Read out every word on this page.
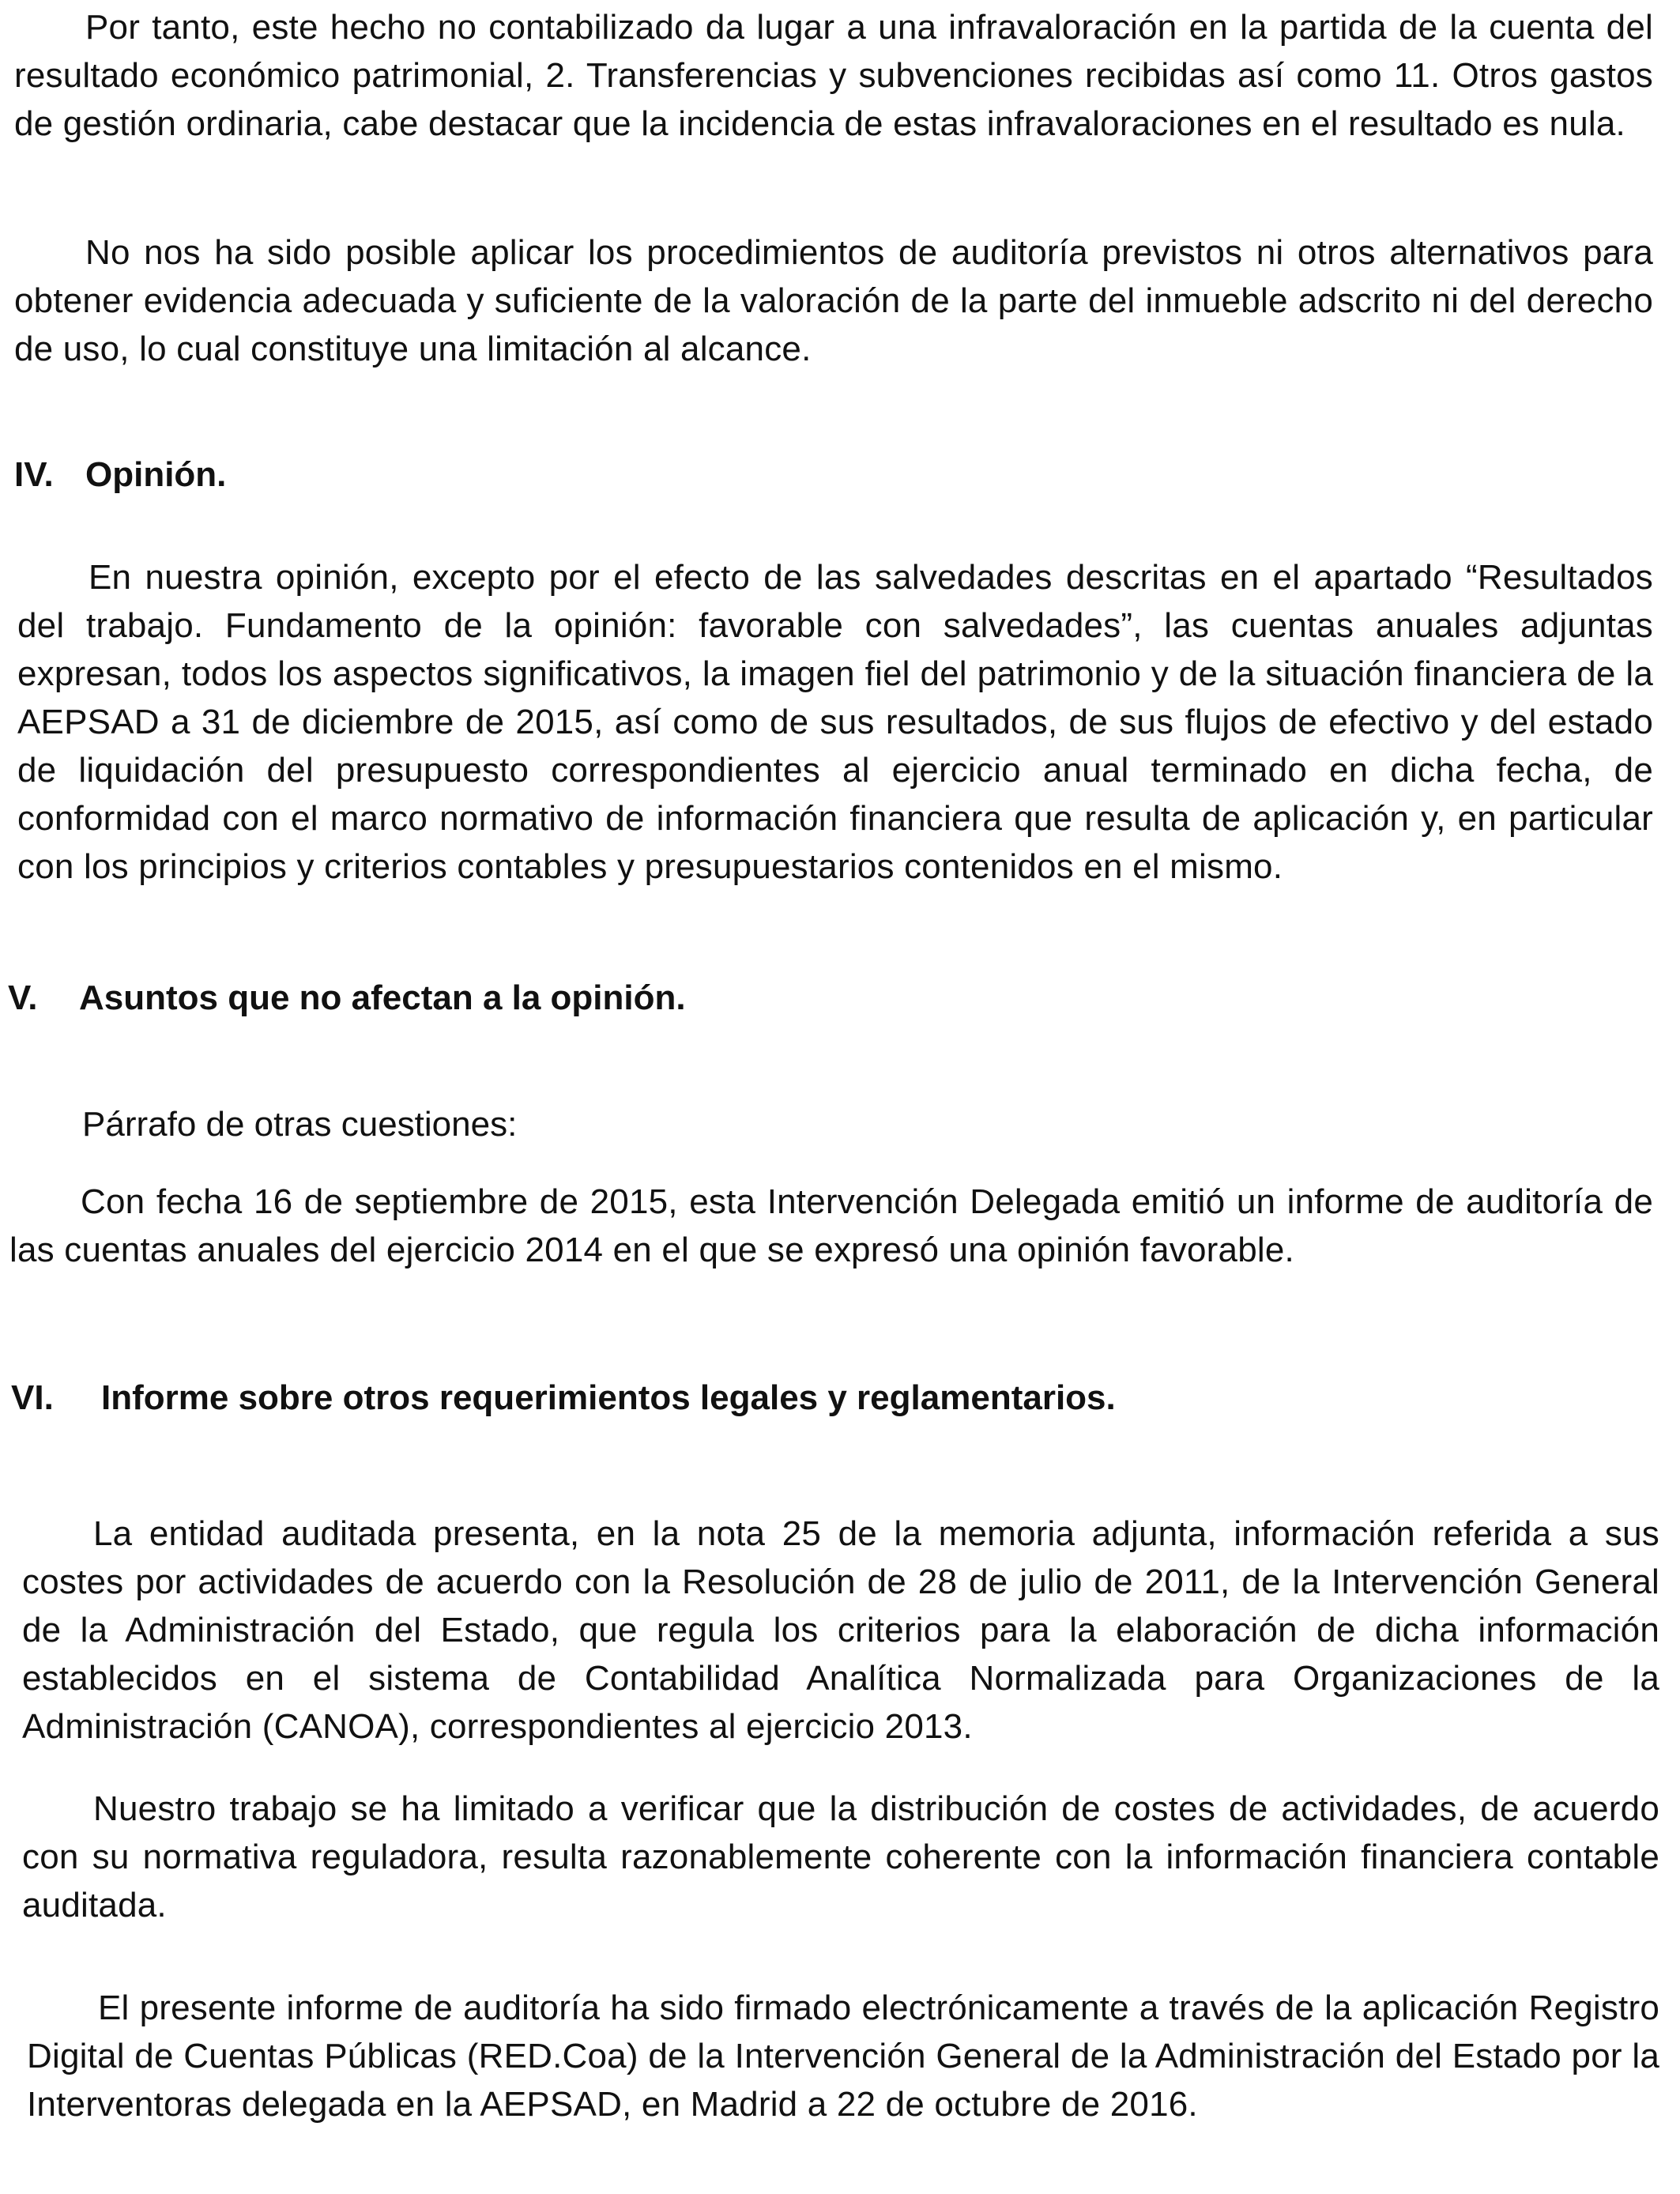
Por tanto, este hecho no contabilizado da lugar a una infravaloración en la partida de la cuenta del resultado económico patrimonial, 2. Transferencias y subvenciones recibidas así como 11. Otros gastos de gestión ordinaria, cabe destacar que la incidencia de estas infravaloraciones en el resultado es nula.

No nos ha sido posible aplicar los procedimientos de auditoría previstos ni otros alternativos para obtener evidencia adecuada y suficiente de la valoración de la parte del inmueble adscrito ni del derecho de uso, lo cual constituye una limitación al alcance.

IV. Opinión.

En nuestra opinión, excepto por el efecto de las salvedades descritas en el apartado “Resultados del trabajo. Fundamento de la opinión: favorable con salvedades”, las cuentas anuales adjuntas expresan, todos los aspectos significativos, la imagen fiel del patrimonio y de la situación financiera de la AEPSAD a 31 de diciembre de 2015, así como de sus resultados, de sus flujos de efectivo y del estado de liquidación del presupuesto correspondientes al ejercicio anual terminado en dicha fecha, de conformidad con el marco normativo de información financiera que resulta de aplicación y, en particular con los principios y criterios contables y presupuestarios contenidos en el mismo.

V. Asuntos que no afectan a la opinión.

Párrafo de otras cuestiones:

Con fecha 16 de septiembre de 2015, esta Intervención Delegada emitió un informe de auditoría de las cuentas anuales del ejercicio 2014 en el que se expresó una opinión favorable.

VI. Informe sobre otros requerimientos legales y reglamentarios.

La entidad auditada presenta, en la nota 25 de la memoria adjunta, información referida a sus costes por actividades de acuerdo con la Resolución de 28 de julio de 2011, de la Intervención General de la Administración del Estado, que regula los criterios para la elaboración de dicha información establecidos en el sistema de Contabilidad Analítica Normalizada para Organizaciones de la Administración (CANOA), correspondientes al ejercicio 2013.

Nuestro trabajo se ha limitado a verificar que la distribución de costes de actividades, de acuerdo con su normativa reguladora, resulta razonablemente coherente con la información financiera contable auditada.

El presente informe de auditoría ha sido firmado electrónicamente a través de la aplicación Registro Digital de Cuentas Públicas (RED.Coa) de la Intervención General de la Administración del Estado por la Interventoras delegada en la AEPSAD, en Madrid a 22 de octubre de 2016.
